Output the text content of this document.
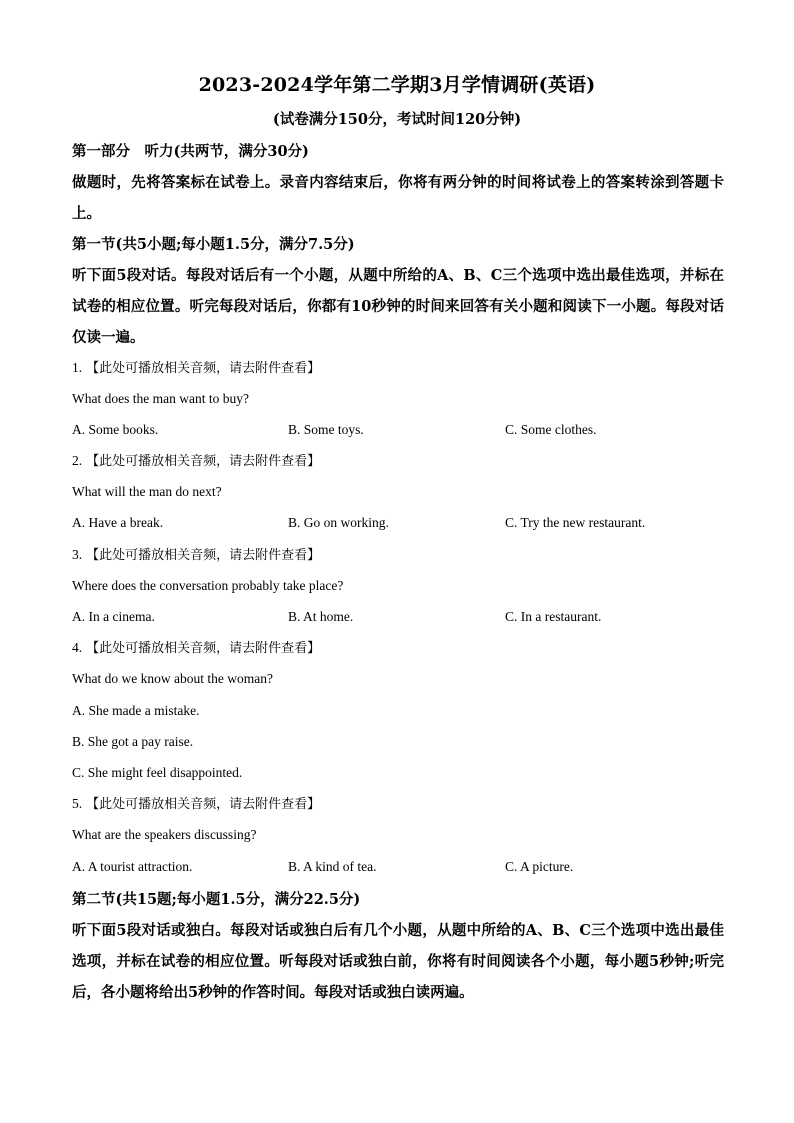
2023-2024学年第二学期3月学情调研(英语)
(试卷满分150分，考试时间120分钟)
第一部分　听力(共两节，满分30分)
做题时，先将答案标在试卷上。录音内容结束后，你将有两分钟的时间将试卷上的答案转涂到答题卡上。
第一节(共5小题;每小题1.5分，满分7.5分)
听下面5段对话。每段对话后有一个小题，从题中所给的A、B、C三个选项中选出最佳选项，并标在试卷的相应位置。听完每段对话后，你都有10秒钟的时间来回答有关小题和阅读下一小题。每段对话仅读一遍。
1. 【此处可播放相关音频，请去附件查看】
What does the man want to buy?
A. Some books.	B. Some toys.	C. Some clothes.
2. 【此处可播放相关音频，请去附件查看】
What will the man do next?
A. Have a break.	B. Go on working.	C. Try the new restaurant.
3. 【此处可播放相关音频，请去附件查看】
Where does the conversation probably take place?
A. In a cinema.	B. At home.	C. In a restaurant.
4. 【此处可播放相关音频，请去附件查看】
What do we know about the woman?
A. She made a mistake.
B. She got a pay raise.
C. She might feel disappointed.
5. 【此处可播放相关音频，请去附件查看】
What are the speakers discussing?
A. A tourist attraction.	B. A kind of tea.	C. A picture.
第二节(共15题;每小题1.5分，满分22.5分)
听下面5段对话或独白。每段对话或独白后有几个小题，从题中所给的A、B、C三个选项中选出最佳选项，并标在试卷的相应位置。听每段对话或独白前，你将有时间阅读各个小题，每小题5秒钟;听完后，各小题将给出5秒钟的作答时间。每段对话或独白读两遍。
